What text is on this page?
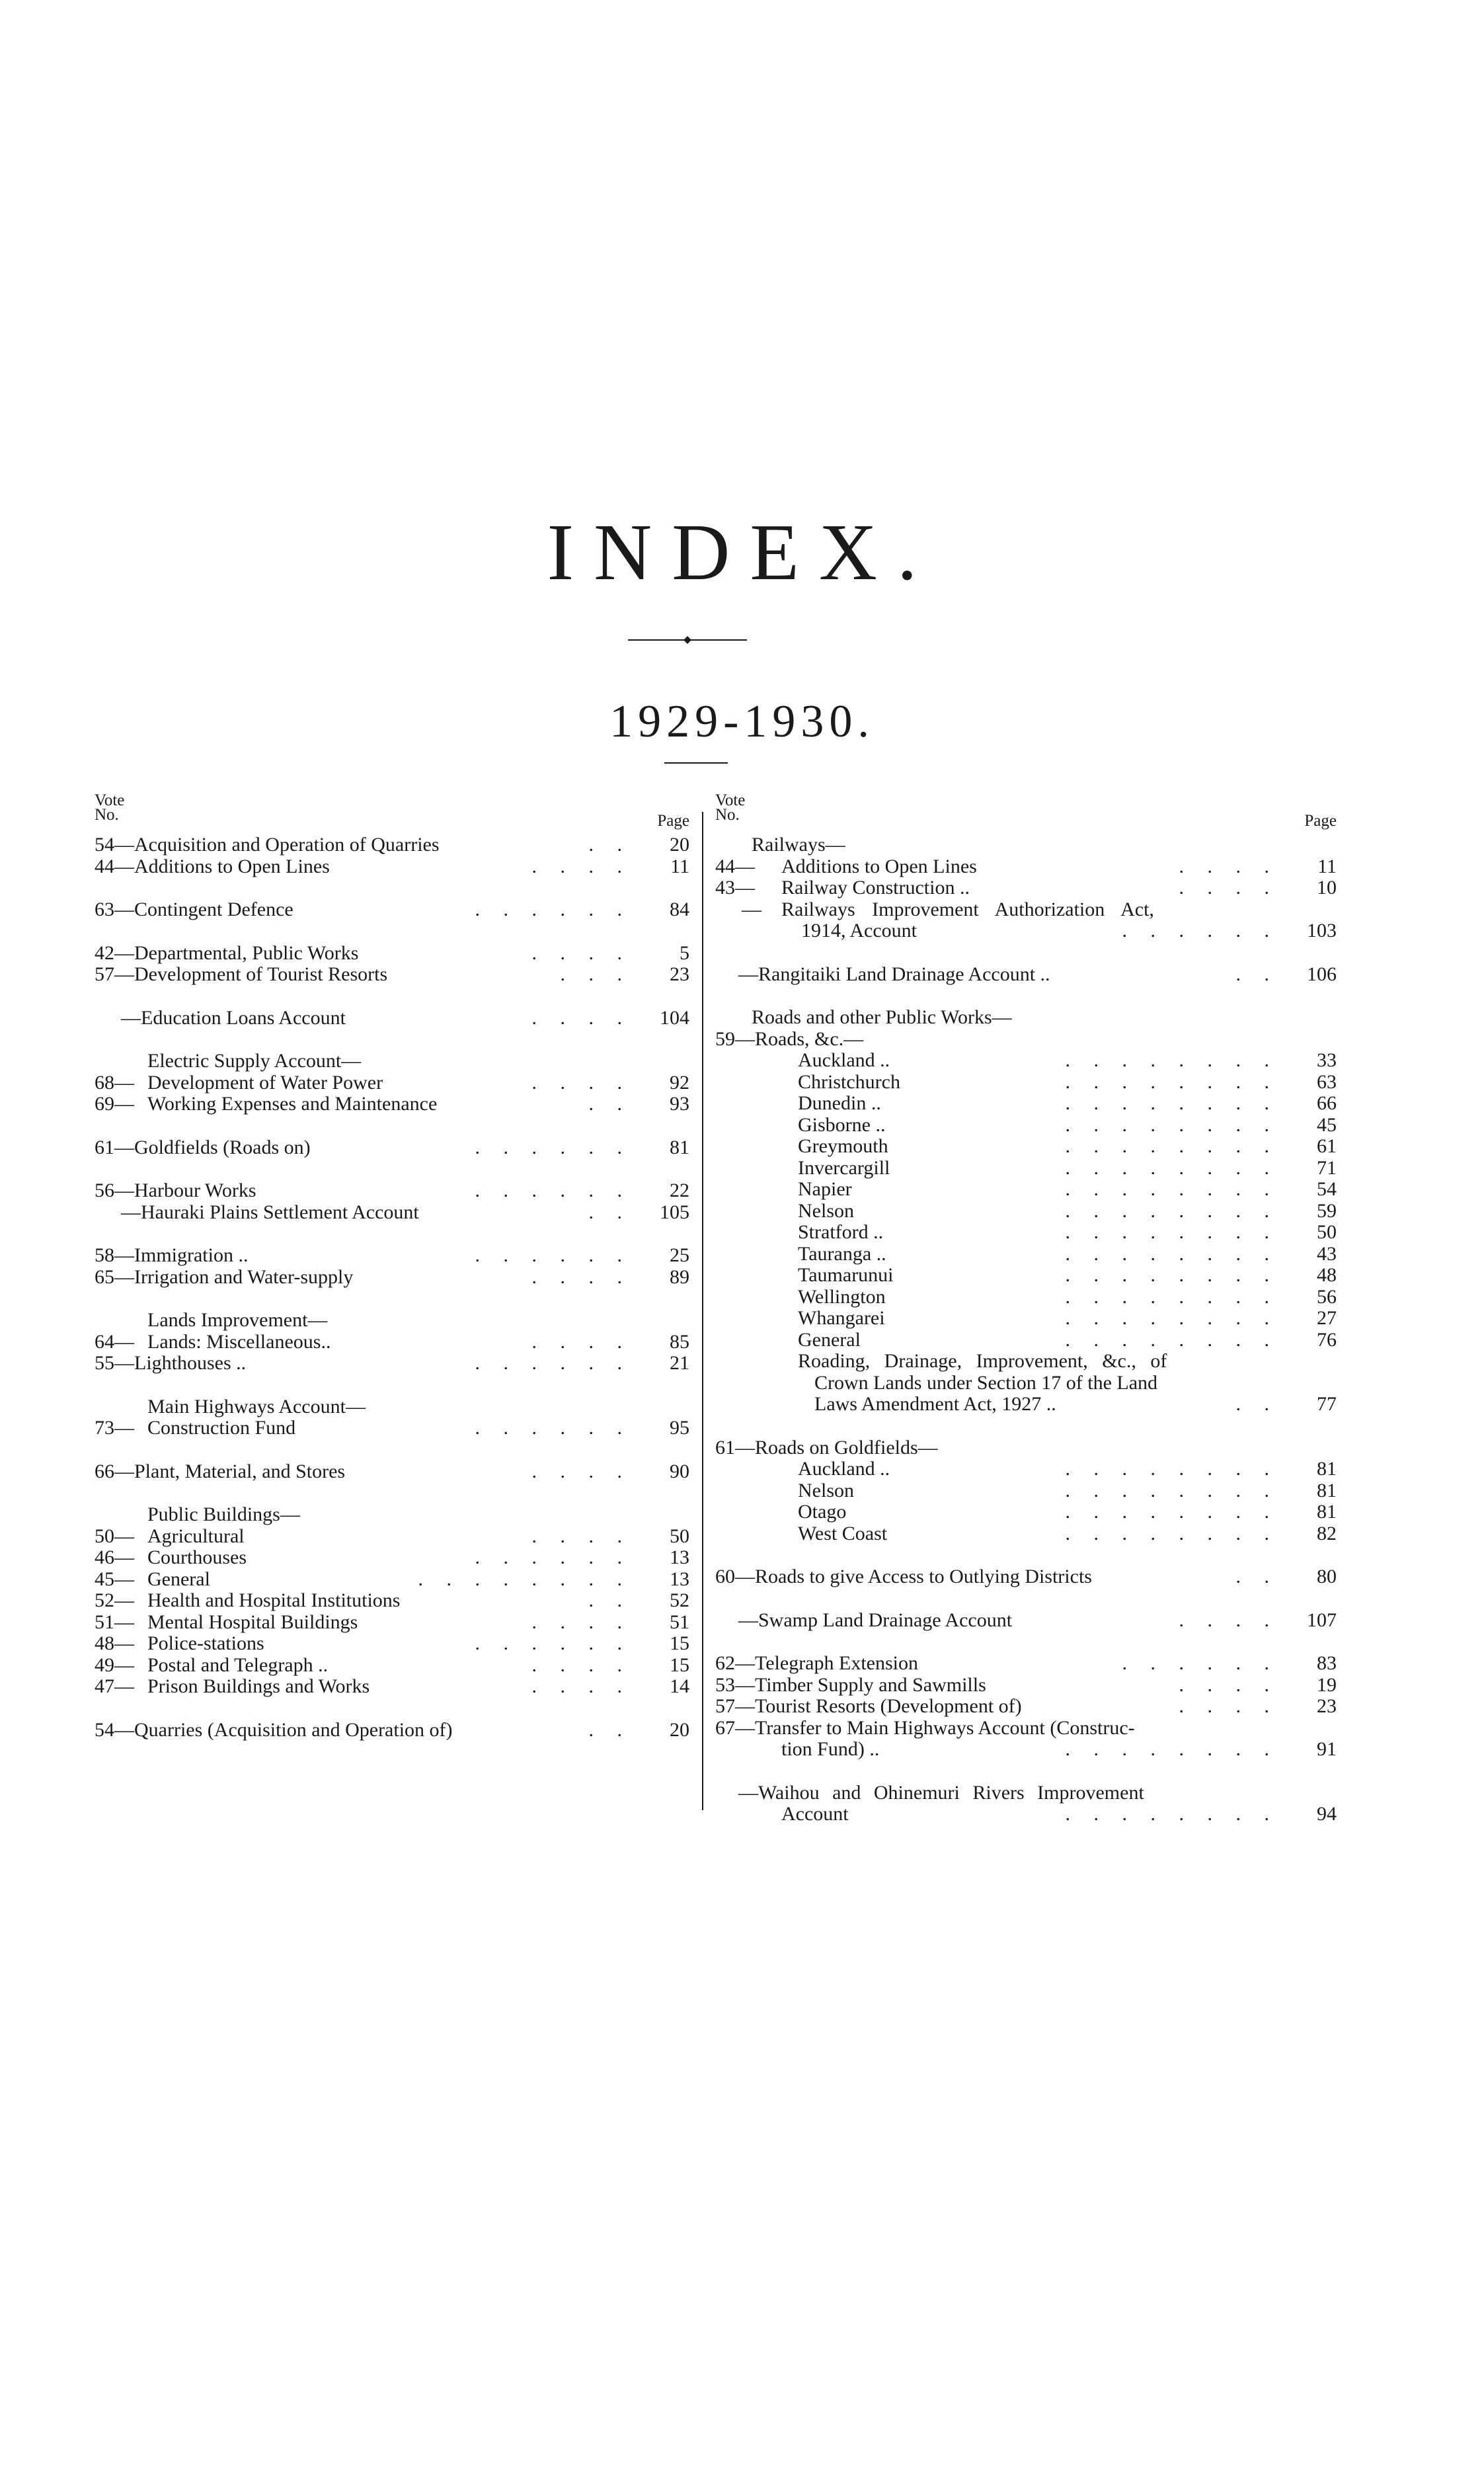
INDEX.
1929-1930.
Vote
No.	Page
54— Acquisition and Operation of Quarries	. .	20
44— Additions to Open Lines	. . . .	11
63— Contingent Defence	. . . . . .	84
42— Departmental, Public Works	. . . .	5
57— Development of Tourist Resorts	. . .	23
— Education Loans Account	. . . .	104
Electric Supply Account—
68— Development of Water Power	. . . .	92
69— Working Expenses and Maintenance	. .	93
61— Goldfields (Roads on)	. . . . . .	81
56— Harbour Works	. . . . . .	22
— Hauraki Plains Settlement Account	. .	105
58— Immigration ..	. . . . . .	25
65— Irrigation and Water-supply	. . . .	89
Lands Improvement—
64— Lands: Miscellaneous..	. . . .	85
55— Lighthouses ..	. . . . . .	21
Main Highways Account—
73— Construction Fund	. . . . . .	95
66— Plant, Material, and Stores	. . . .	90
Public Buildings—
50— Agricultural	. . . .	50
46— Courthouses	. . . . . .	13
45— General	. . . . . . . .	13
52— Health and Hospital Institutions	. .	52
51— Mental Hospital Buildings	. . . .	51
48— Police-stations	. . . . . .	15
49— Postal and Telegraph ..	. . . .	15
47— Prison Buildings and Works	. . . .	14
54— Quarries (Acquisition and Operation of)	. .	20
Vote
No.	Page
Railways—
44—	Additions to Open Lines	. . . .	11
43—	Railway Construction ..	. . . .	10
— Railways Improvement Authorization Act,
1914, Account	. . . . . .	103
— Rangitaiki Land Drainage Account ..	. .	106
Roads and other Public Works—
59—Roads, &c.—
Auckland ..	. . . . . . . .	33
Christchurch	. . . . . . . .	63
Dunedin ..	. . . . . . . .	66
Gisborne ..	. . . . . . . .	45
Greymouth	. . . . . . . .	61
Invercargill	. . . . . . . .	71
Napier	. . . . . . . .	54
Nelson	. . . . . . . .	59
Stratford ..	. . . . . . . .	50
Tauranga ..	. . . . . . . .	43
Taumarunui	. . . . . . . .	48
Wellington	. . . . . . . .	56
Whangarei	. . . . . . . .	27
General	. . . . . . . .	76
Roading, Drainage, Improvement, &c., of
Crown Lands under Section 17 of the Land
Laws Amendment Act, 1927 ..	. .	77
61—Roads on Goldfields—
Auckland ..	. . . . . . . .	81
Nelson	. . . . . . . .	81
Otago	. . . . . . . .	81
West Coast	. . . . . . . .	82
60— Roads to give Access to Outlying Districts	. .	80
— Swamp Land Drainage Account	. . . .	107
62— Telegraph Extension	. . . . . .	83
53— Timber Supply and Sawmills	. . . .	19
57— Tourist Resorts (Development of)	. . . .	23
67—Transfer to Main Highways Account (Construc-
tion Fund) ..	. . . . . . . .	91
—Waihou and Ohinemuri Rivers Improvement
Account	. . . . . . . .	94
